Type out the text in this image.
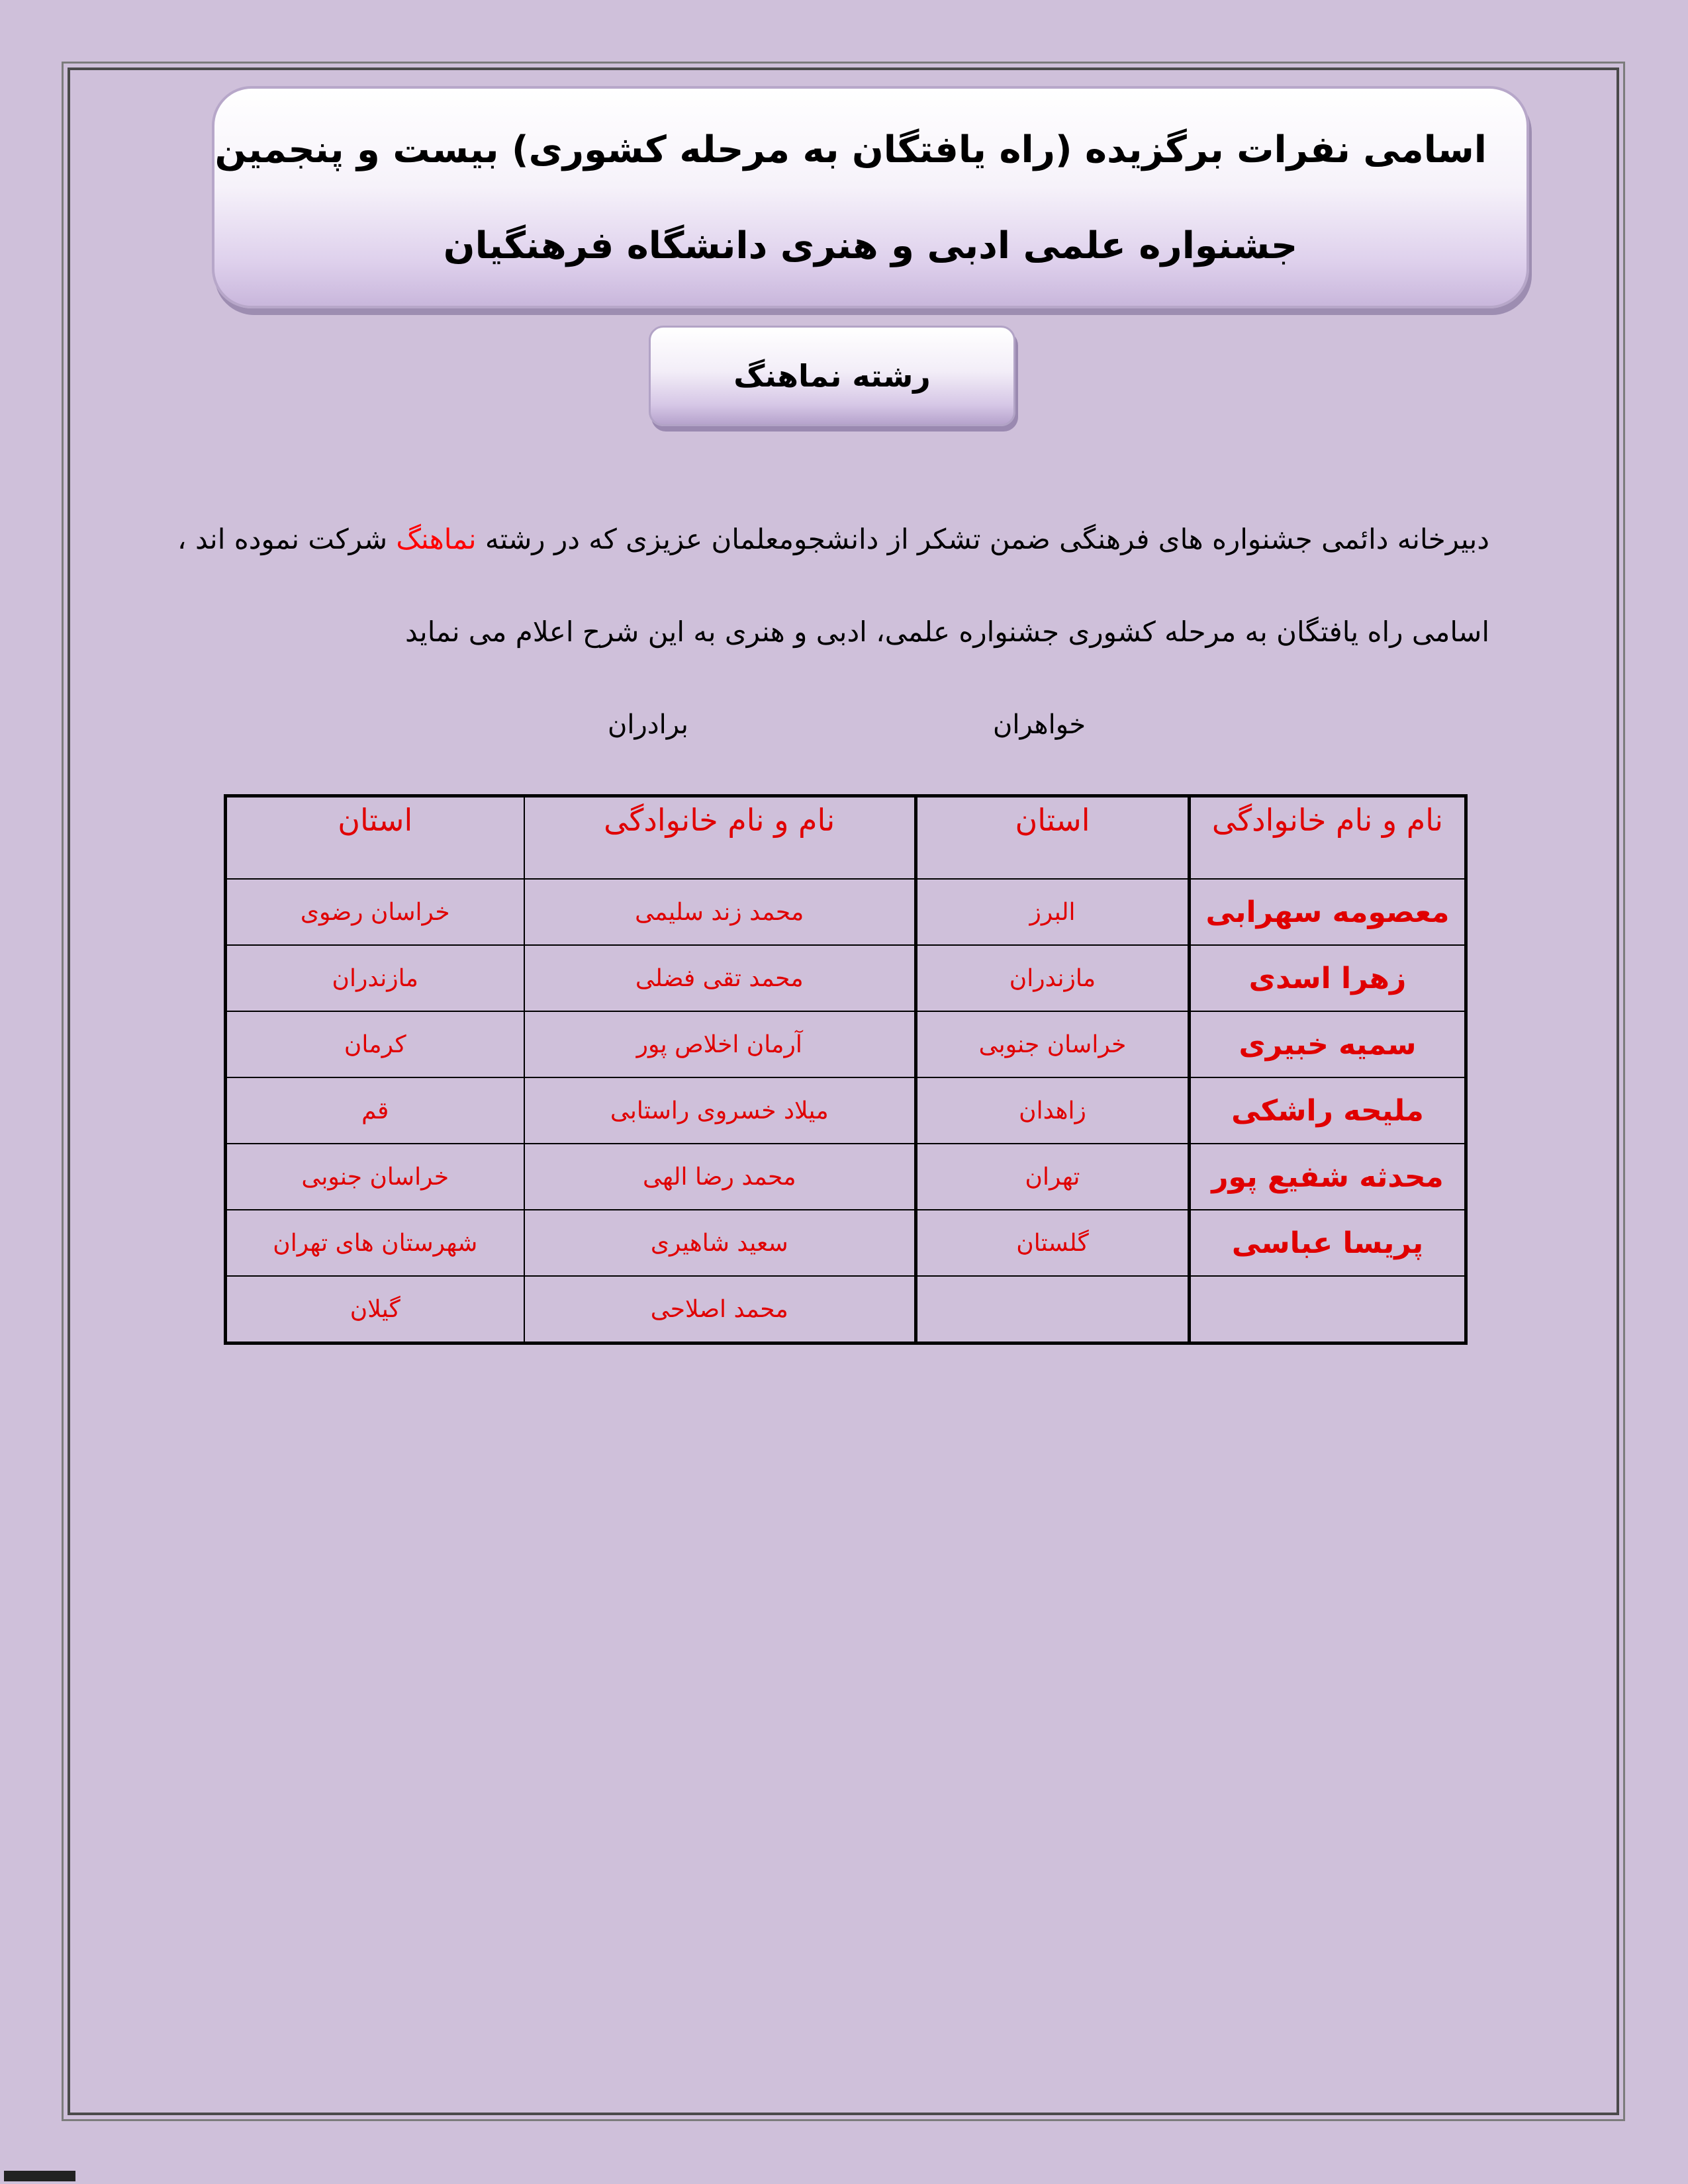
اسامی نفرات برگزیده (راه یافتگان به مرحله کشوری) بیست و پنجمین
جشنواره علمی ادبی و هنری دانشگاه فرهنگیان
رشته نماهنگ
دبیرخانه دائمی جشنواره های فرهنگی ضمن تشکر از دانشجومعلمان عزیزی که در رشته نماهنگ شرکت نموده اند ،
اسامی راه یافتگان به مرحله کشوری جشنواره علمی، ادبی و هنری به این شرح اعلام می نماید
خواهران
برادران
نام و نام خانوادگی	استان	نام و نام خانوادگی	استان
معصومه سهرابی	البرز	محمد زند سلیمی	خراسان رضوی
زهرا اسدی	مازندران	محمد تقی فضلی	مازندران
سمیه خبیری	خراسان جنوبی	آرمان اخلاص پور	کرمان
ملیحه راشکی	زاهدان	میلاد خسروی راستابی	قم
محدثه شفیع پور	تهران	محمد رضا الهی	خراسان جنوبی
پریسا عباسی	گلستان	سعید شاهیری	شهرستان های تهران
		محمد اصلاحی	گیلان
